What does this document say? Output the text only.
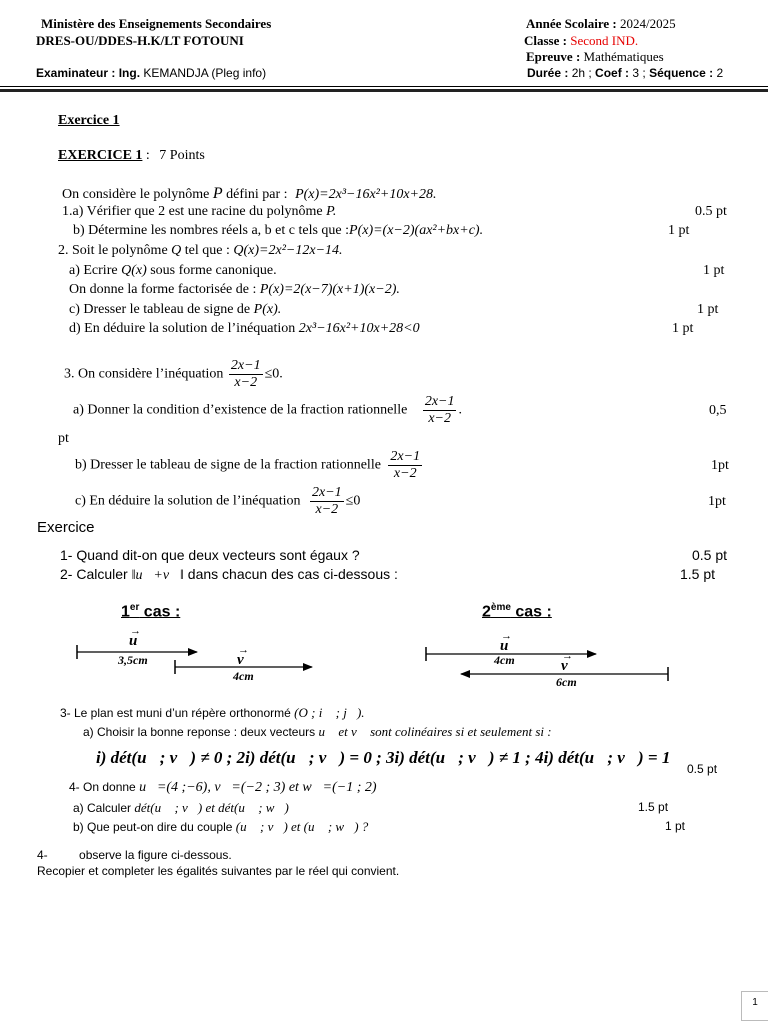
Ministère des Enseignements Secondaires
DRES-OU/DDES-H.K/LT FOTOUNI
Examinateur : Ing. KEMANDJA (Pleg info)
Année Scolaire : 2024/2025
Classe : Second IND.
Epreuve : Mathématiques
Durée : 2h ; Coef : 3 ; Séquence : 2
Exercice 1
EXERCICE 1 : 7 Points
On considère le polynôme P défini par : P(x)=2x³−16x²+10x+28.
1.a) Vérifier que 2 est une racine du polynôme P.	0.5 pt
b) Détermine les nombres réels a, b et c tels que :P(x)=(x−2)(ax²+bx+c).	1 pt
2. Soit le polynôme Q tel que : Q(x)=2x²−12x−14.
a) Ecrire Q(x) sous forme canonique.	1 pt
On donne la forme factorisée de : P(x)=2(x−7)(x+1)(x−2).
c) Dresser le tableau de signe de P(x).	1 pt
d) En déduire la solution de l’inéquation 2x³−16x²+10x+28<0	1 pt
3. On considère l’inéquation $\frac{2x-1}{x-2} \le 0$.
a) Donner la condition d’existence de la fraction rationnelle $\frac{2x-1}{x-2}$ .	0,5
pt
b) Dresser le tableau de signe de la fraction rationnelle $\frac{2x-1}{x-2}$	1pt
c) En déduire la solution de l’inéquation $\frac{2x-1}{x-2} \le 0$	1pt
Exercice
1- Quand dit-on que deux vecteurs sont égaux ?	0.5 pt
2- Calculer ‖u⃗+v⃗‖ dans chacun des cas ci-dessous :	1.5 pt
1er cas :	2ème cas :
u
→
3,5cm	v
→
4cm
u
→
4cm	v
→
6cm
3- Le plan est muni d’un répère orthonormé (O ; i⃗ ; j⃗).
a) Choisir la bonne reponse : deux vecteurs u⃗ et v⃗ sont colinéaires si et seulement si :
i) dét(u⃗; v⃗) ≠ 0 ; 2i) dét(u⃗; v⃗) = 0 ; 3i) dét(u⃗; v⃗) ≠ 1 ; 4i) dét(u⃗; v⃗) = 1
0.5 pt
4- On donne u⃗=(4 ;−6), v⃗=(−2 ; 3) et w⃗=(−1 ; 2)
a) Calculer dét(u⃗ ; v⃗) et dét(u⃗ ; w⃗)	1.5 pt
b) Que peut-on dire du couple (u⃗ ; v⃗) et (u⃗ ; w⃗) ?	1 pt
4-	observe la figure ci-dessous.
Recopier et completer les égalités suivantes par le réel qui convient.
1
